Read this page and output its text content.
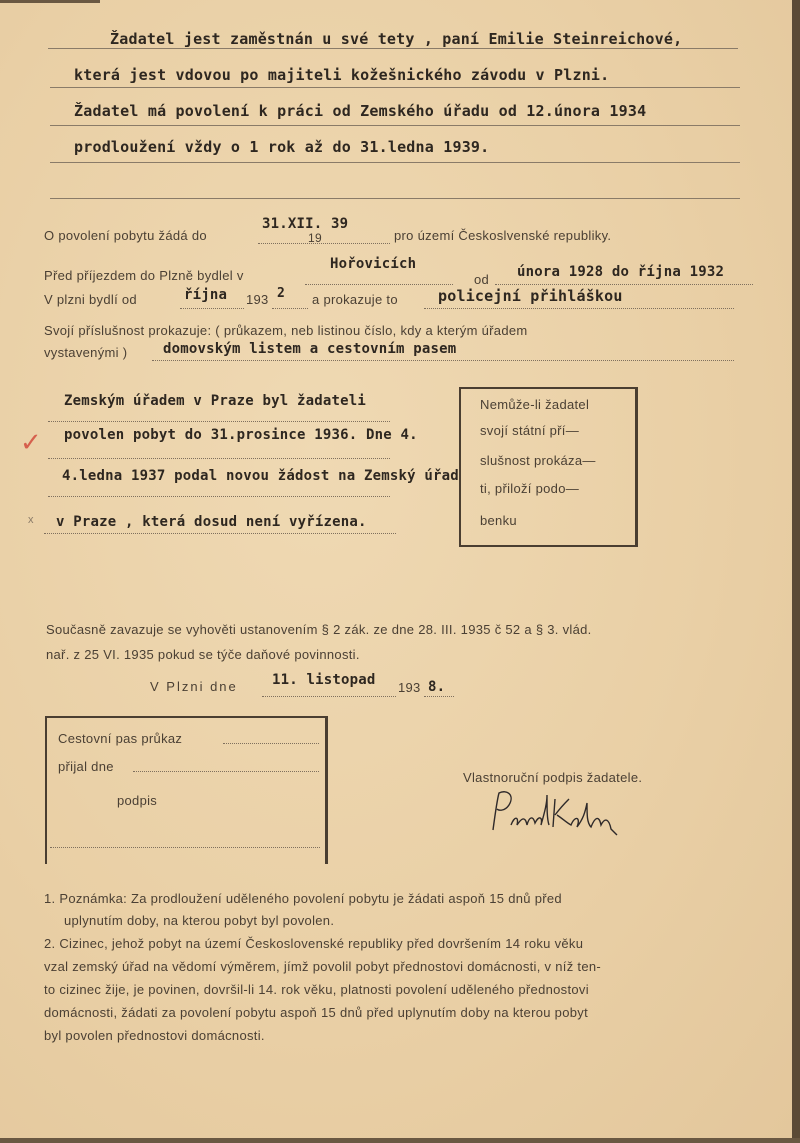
Žadatel jest zaměstnán u své tety , paní Emilie Steinreichové,
která jest vdovou po majiteli kožešnického závodu v Plzni.
Žadatel má povolení k práci od Zemského úřadu od 12.února 1934
prodloužení vždy o 1 rok až do 31.ledna 1939.
O povolení pobytu žádá do
31.XII. 39
19	pro území Českoslvenské republiky.
Před příjezdem do Plzně bydlel v
Hořovicích
od února 1928 do října 1932
V plzni bydlí od	října 193 2 a prokazuje to	policejní přihláškou
Svojí příslušnost prokazuje: ( průkazem, neb listinou číslo, kdy a kterým úřadem
vystavenými )	domovským listem a cestovním pasem
Zemským úřadem v Praze byl žadateli
povolen pobyt do 31.prosince 1936. Dne 4.
4.ledna 1937 podal novou žádost na Zemský úřad
v Praze , která dosud není vyřízena.
✓
x
Nemůže-li žadatel
svojí státní pří—
slušnost prokáza—
ti, přiloží podo—
benku
Současně zavazuje se vyhověti ustanovením § 2 zák. ze dne 28. III. 1935 č 52 a § 3. vlád.
nař. z 25 VI. 1935 pokud se týče daňové povinnosti.
V Plzni dne 11. listopad 193 8.
Cestovní pas průkaz
přijal dne
podpis
Vlastnoruční podpis žadatele.
1. Poznámka: Za prodloužení uděleného povolení pobytu je žádati aspoň 15 dnů před
uplynutím doby, na kterou pobyt byl povolen.
2. Cizinec, jehož pobyt na území Československé republiky před dovršením 14 roku věku
vzal zemský úřad na vědomí výměrem, jímž povolil pobyt přednostovi domácnosti, v níž ten-
to cizinec žije, je povinen, dovršil-li 14. rok věku, platnosti povolení uděleného přednostovi
domácnosti, žádati za povolení pobytu aspoň 15 dnů před uplynutím doby na kterou pobyt
byl povolen přednostovi domácnosti.
